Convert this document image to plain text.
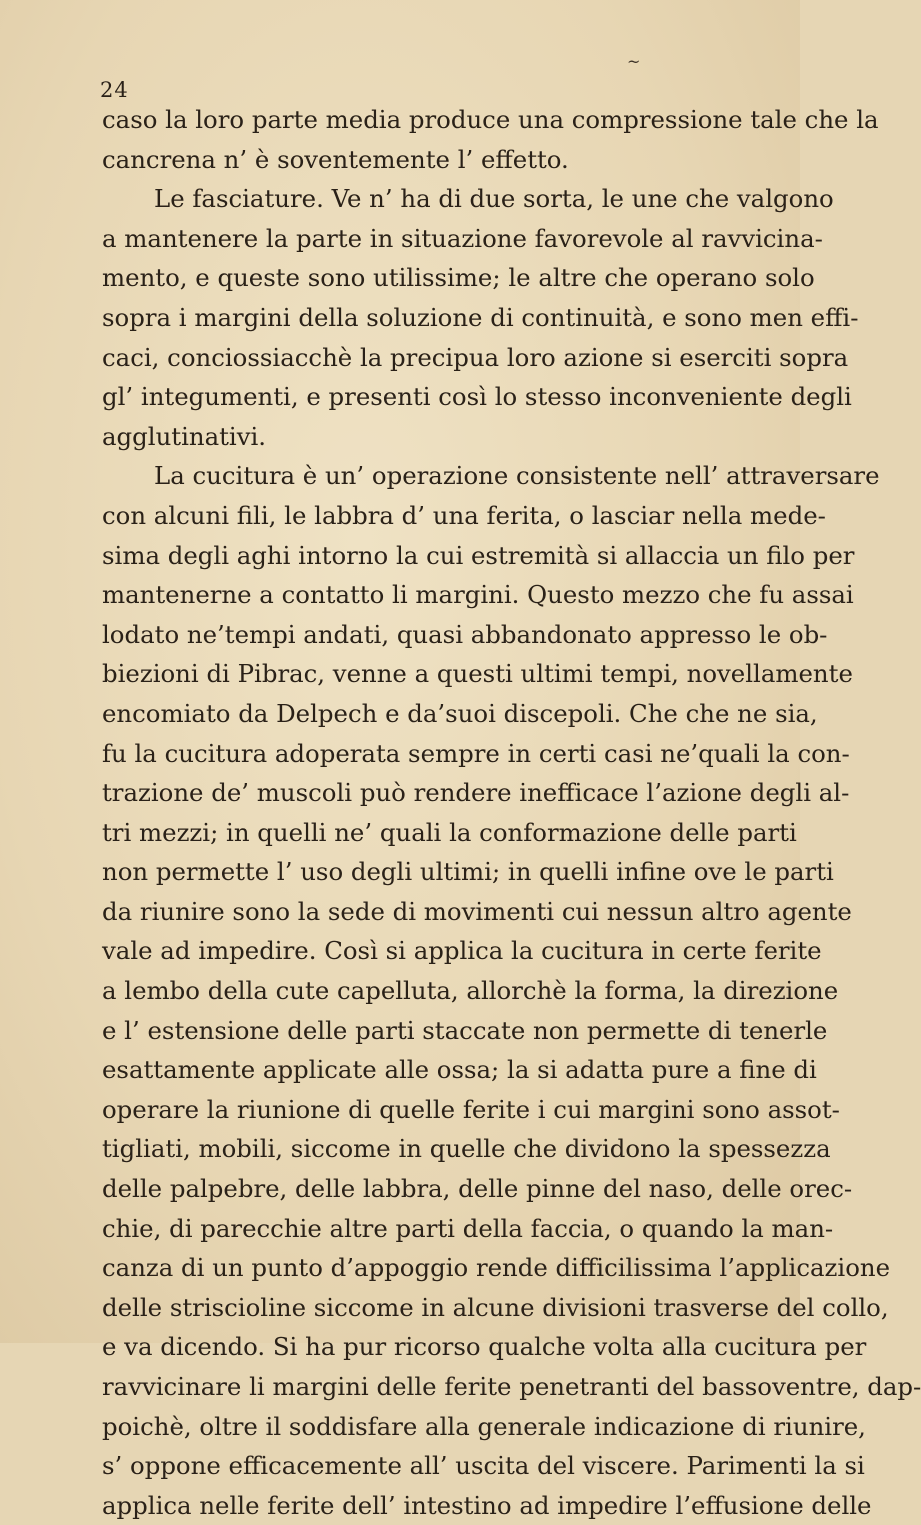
~
24
caso la loro parte media produce una compressione tale che la
cancrena n’ è soventemente l’ effetto.
Le fasciature. Ve n’ ha di due sorta, le une che valgono
a mantenere la parte in situazione favorevole al ravvicina-
mento, e queste sono utilissime; le altre che operano solo
sopra i margini della soluzione di continuità, e sono men effi-
caci, conciossiacchè la precipua loro azione si eserciti sopra
gl’ integumenti, e presenti così lo stesso inconveniente degli
agglutinativi.
La cucitura è un’ operazione consistente nell’ attraversare
con alcuni fili, le labbra d’ una ferita, o lasciar nella mede-
sima degli aghi intorno la cui estremità si allaccia un filo per
mantenerne a contatto li margini. Questo mezzo che fu assai
lodato ne’tempi andati, quasi abbandonato appresso le ob-
biezioni di Pibrac, venne a questi ultimi tempi, novellamente
encomiato da Delpech e da’suoi discepoli. Che che ne sia,
fu la cucitura adoperata sempre in certi casi ne’quali la con-
trazione de’ muscoli può rendere inefficace l’azione degli al-
tri mezzi; in quelli ne’ quali la conformazione delle parti
non permette l’ uso degli ultimi; in quelli infine ove le parti
da riunire sono la sede di movimenti cui nessun altro agente
vale ad impedire. Così si applica la cucitura in certe ferite
a lembo della cute capelluta, allorchè la forma, la direzione
e l’ estensione delle parti staccate non permette di tenerle
esattamente applicate alle ossa; la si adatta pure a fine di
operare la riunione di quelle ferite i cui margini sono assot-
tigliati, mobili, siccome in quelle che dividono la spessezza
delle palpebre, delle labbra, delle pinne del naso, delle orec-
chie, di parecchie altre parti della faccia, o quando la man-
canza di un punto d’appoggio rende difficilissima l’applicazione
delle striscioline siccome in alcune divisioni trasverse del collo,
e va dicendo. Si ha pur ricorso qualche volta alla cucitura per
ravvicinare li margini delle ferite penetranti del bassoventre, dap-
poichè, oltre il soddisfare alla generale indicazione di riunire,
s’ oppone efficacemente all’ uscita del viscere. Parimenti la si
applica nelle ferite dell’ intestino ad impedire l’effusione delle
